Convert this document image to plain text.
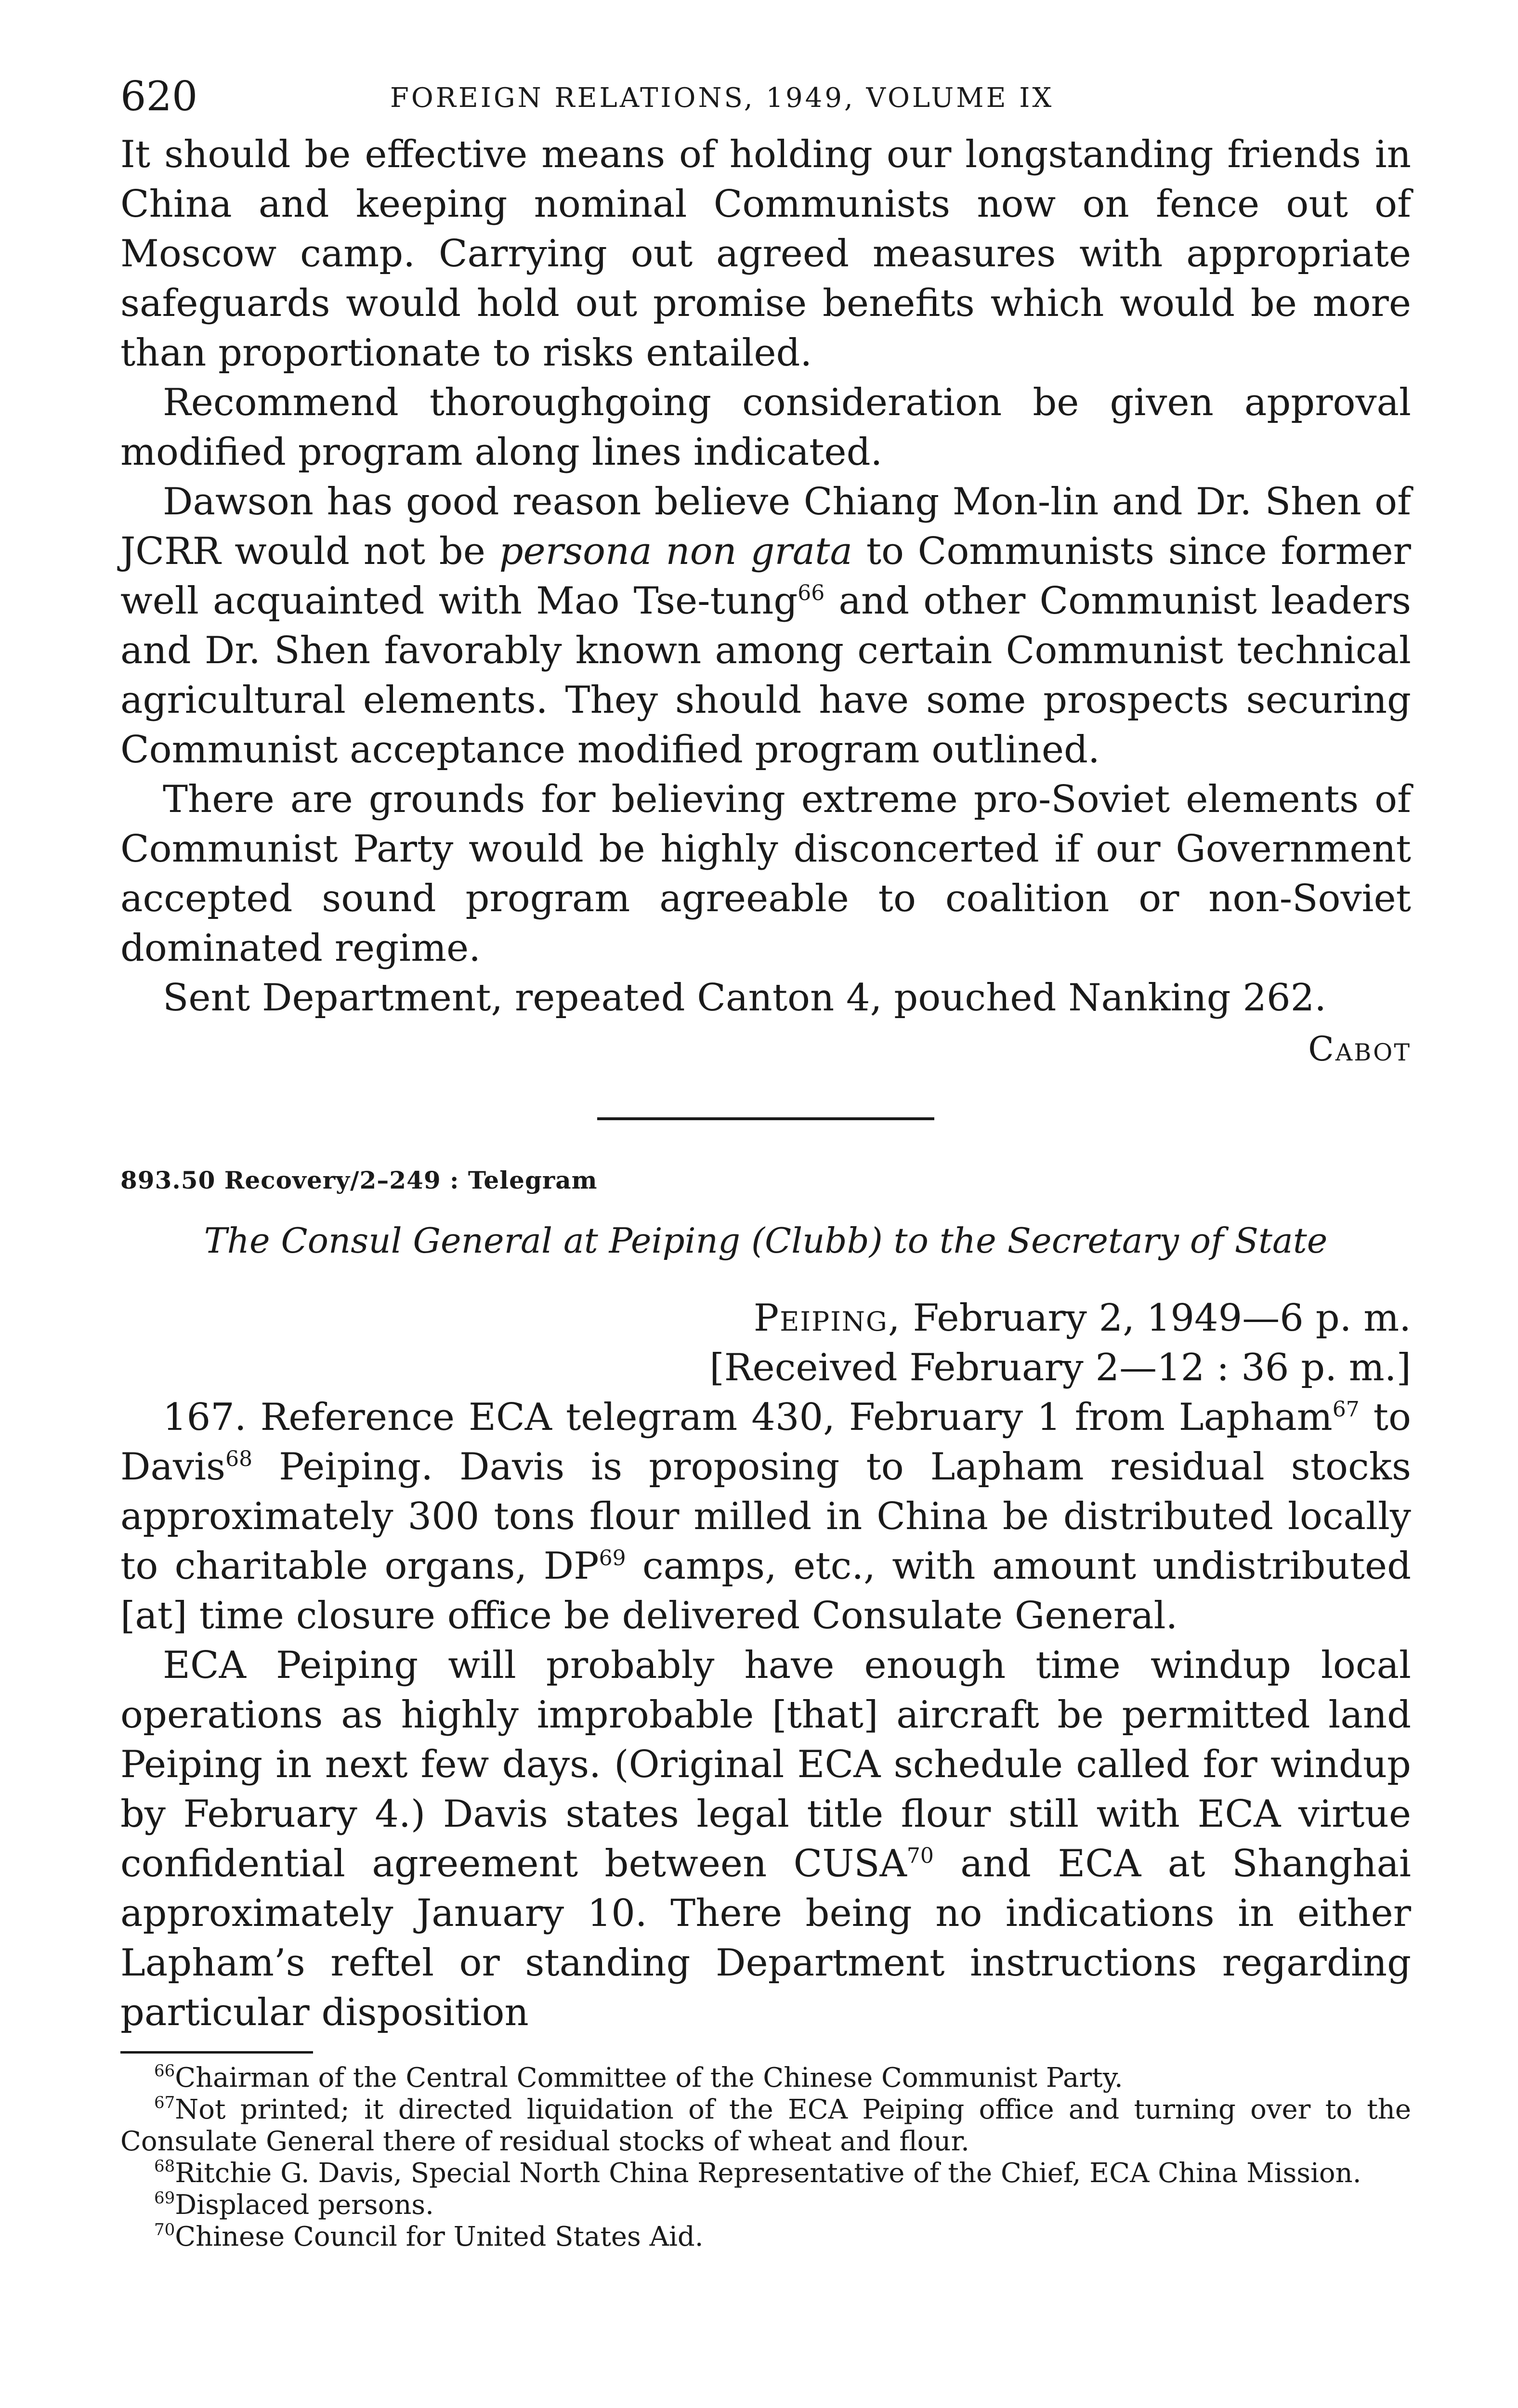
620	FOREIGN RELATIONS, 1949, VOLUME IX

It should be effective means of holding our longstanding friends in China and keeping nominal Communists now on fence out of Moscow camp. Carrying out agreed measures with appropriate safeguards would hold out promise benefits which would be more than proportionate to risks entailed.

Recommend thoroughgoing consideration be given approval modified program along lines indicated.

Dawson has good reason believe Chiang Mon-lin and Dr. Shen of JCRR would not be persona non grata to Communists since former well acquainted with Mao Tse-tung$^{66}$ and other Communist leaders and Dr. Shen favorably known among certain Communist technical agricultural elements. They should have some prospects securing Communist acceptance modified program outlined.

There are grounds for believing extreme pro-Soviet elements of Communist Party would be highly disconcerted if our Government accepted sound program agreeable to coalition or non-Soviet dominated regime.

Sent Department, repeated Canton 4, pouched Nanking 262.

Cabot
893.50 Recovery/2–249 : Telegram
The Consul General at Peiping (Clubb) to the Secretary of State
Peiping, February 2, 1949—6 p. m.
[Received February 2—12 : 36 p. m.]

167. Reference ECA telegram 430, February 1 from Lapham$^{67}$ to Davis$^{68}$ Peiping. Davis is proposing to Lapham residual stocks approximately 300 tons flour milled in China be distributed locally to charitable organs, DP$^{69}$ camps, etc., with amount undistributed [at] time closure office be delivered Consulate General.

ECA Peiping will probably have enough time windup local operations as highly improbable [that] aircraft be permitted land Peiping in next few days. (Original ECA schedule called for windup by February 4.) Davis states legal title flour still with ECA virtue confidential agreement between CUSA$^{70}$ and ECA at Shanghai approximately January 10. There being no indications in either Lapham’s reftel or standing Department instructions regarding particular disposition

$^{66}$Chairman of the Central Committee of the Chinese Communist Party.

$^{67}$Not printed; it directed liquidation of the ECA Peiping office and turning over to the Consulate General there of residual stocks of wheat and flour.

$^{68}$Ritchie G. Davis, Special North China Representative of the Chief, ECA China Mission.

$^{69}$Displaced persons.

$^{70}$Chinese Council for United States Aid.
